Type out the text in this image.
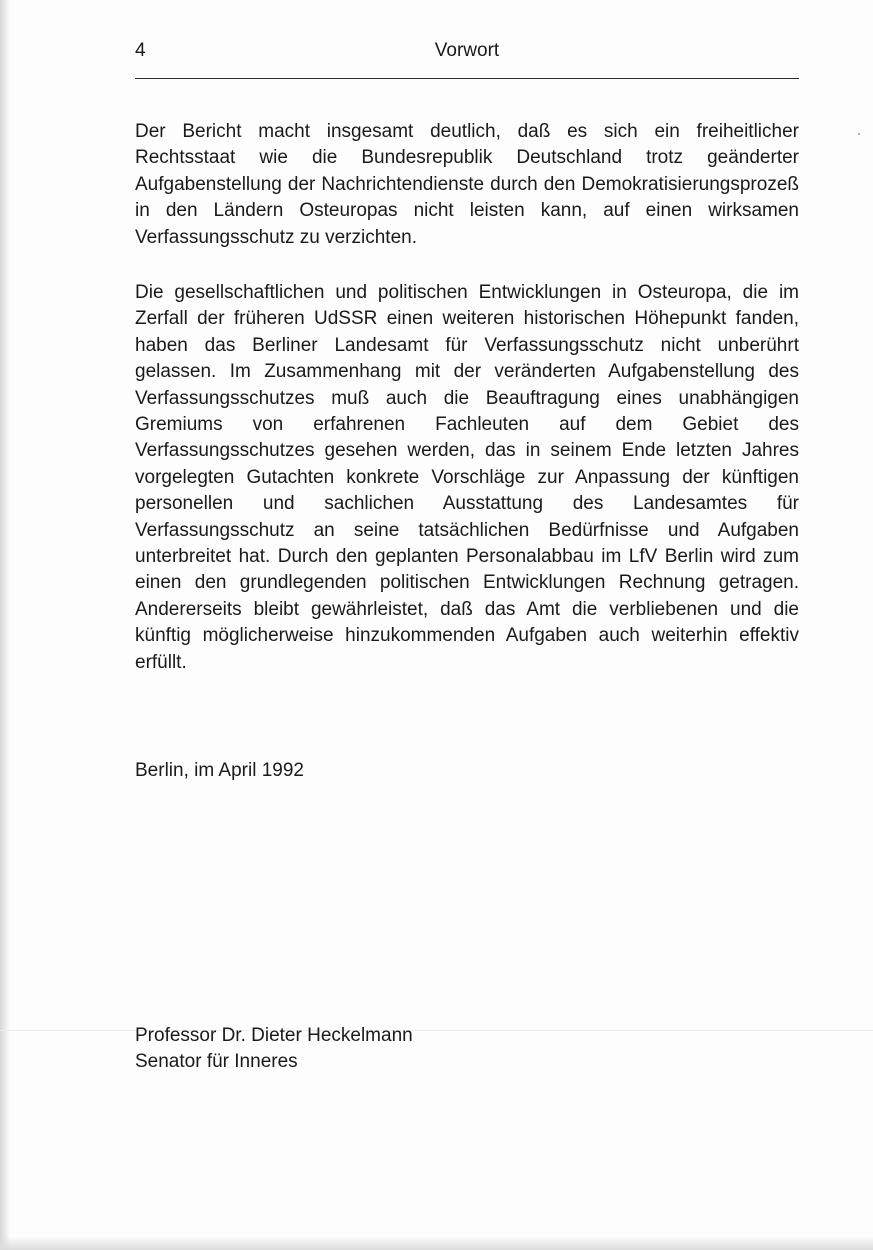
4	Vorwort

Der Bericht macht insgesamt deutlich, daß es sich ein freiheitlicher Rechtsstaat wie die Bundesrepublik Deutschland trotz geänderter Aufgabenstellung der Nachrichtendienste durch den Demokratisierungsprozeß in den Ländern Osteuropas nicht leisten kann, auf einen wirksamen Verfassungsschutz zu verzichten.

Die gesellschaftlichen und politischen Entwicklungen in Osteuropa, die im Zerfall der früheren UdSSR einen weiteren historischen Höhepunkt fanden, haben das Berliner Landesamt für Verfassungsschutz nicht unberührt gelassen. Im Zusammenhang mit der veränderten Aufgabenstellung des Verfassungsschutzes muß auch die Beauftragung eines unabhängigen Gremiums von erfahrenen Fachleuten auf dem Gebiet des Verfassungsschutzes gesehen werden, das in seinem Ende letzten Jahres vorgelegten Gutachten konkrete Vorschläge zur Anpassung der künftigen personellen und sachlichen Ausstattung des Landesamtes für Verfassungsschutz an seine tatsächlichen Bedürfnisse und Aufgaben unterbreitet hat. Durch den geplanten Personalabbau im LfV Berlin wird zum einen den grundlegenden politischen Entwicklungen Rechnung getragen. Andererseits bleibt gewährleistet, daß das Amt die verbliebenen und die künftig möglicherweise hinzukommenden Aufgaben auch weiterhin effektiv erfüllt.

Berlin, im April 1992
Professor Dr. Dieter Heckelmann
Senator für Inneres
